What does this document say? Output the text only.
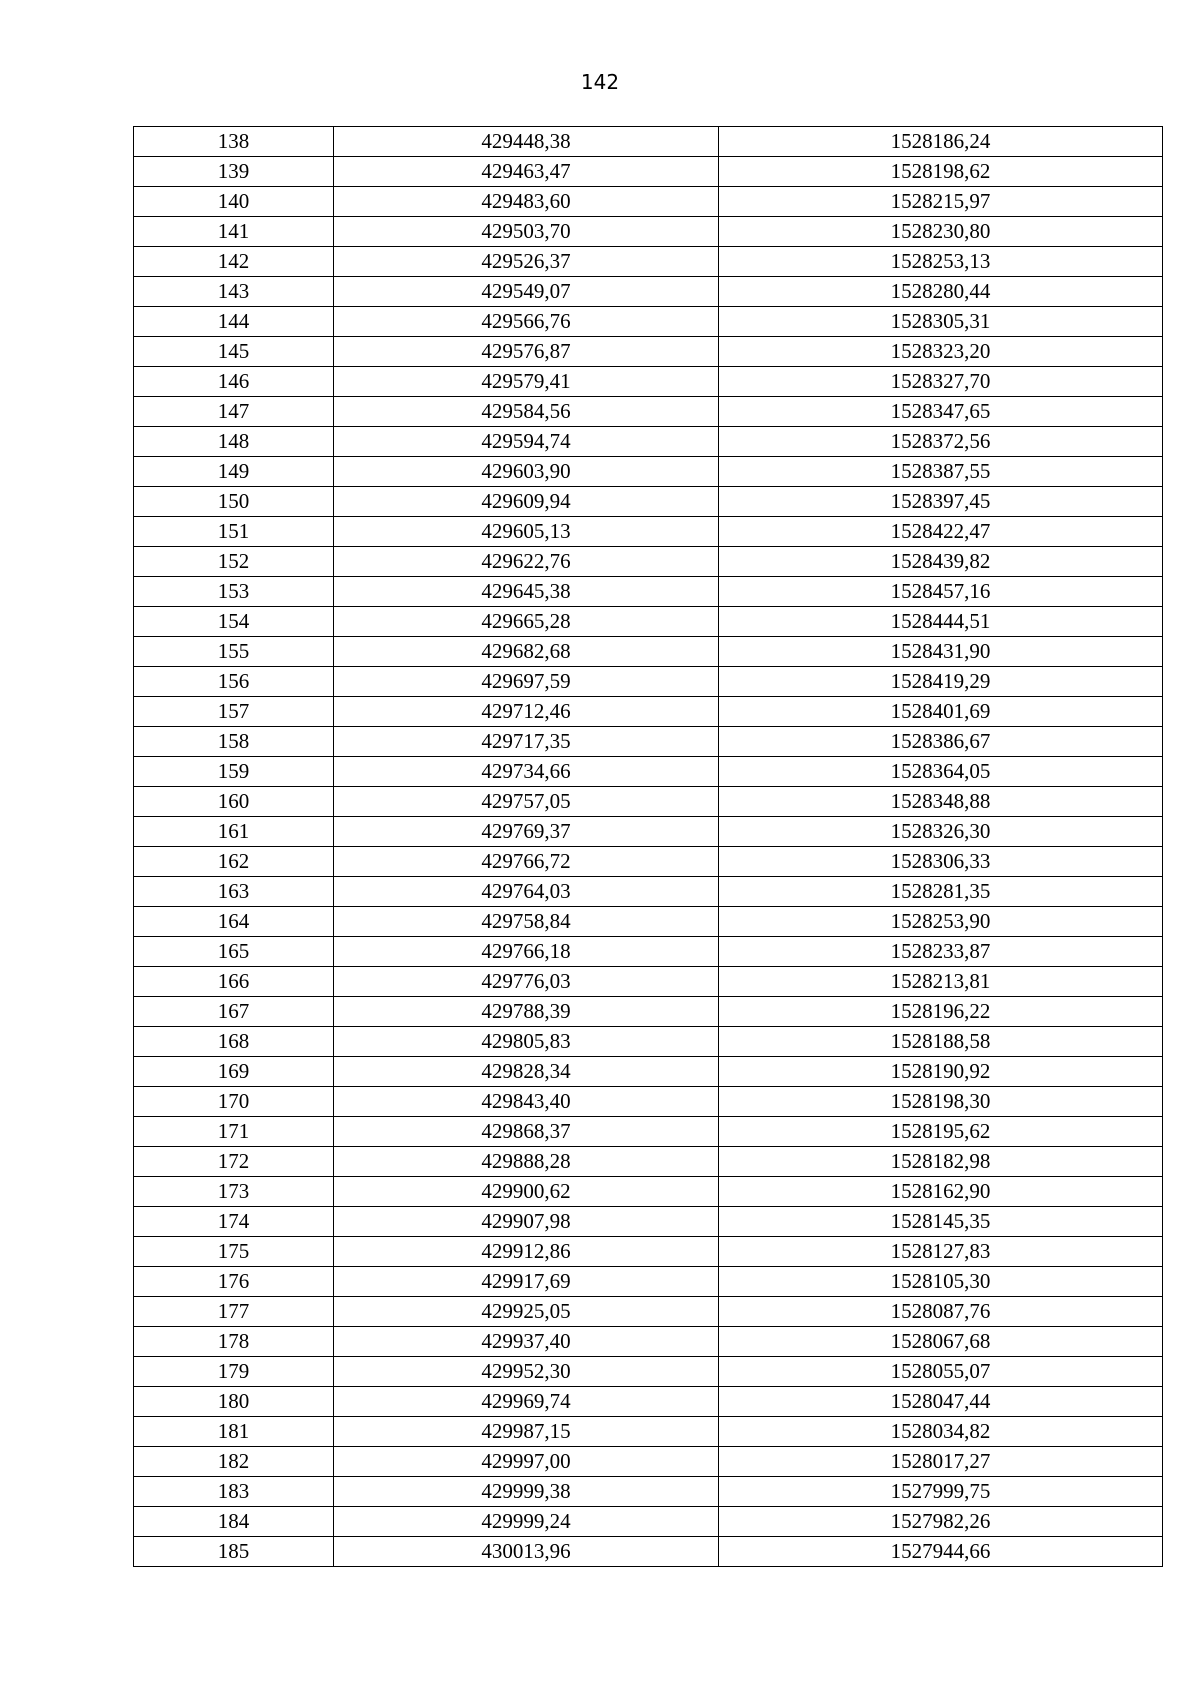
142
138	429448,38	1528186,24
139	429463,47	1528198,62
140	429483,60	1528215,97
141	429503,70	1528230,80
142	429526,37	1528253,13
143	429549,07	1528280,44
144	429566,76	1528305,31
145	429576,87	1528323,20
146	429579,41	1528327,70
147	429584,56	1528347,65
148	429594,74	1528372,56
149	429603,90	1528387,55
150	429609,94	1528397,45
151	429605,13	1528422,47
152	429622,76	1528439,82
153	429645,38	1528457,16
154	429665,28	1528444,51
155	429682,68	1528431,90
156	429697,59	1528419,29
157	429712,46	1528401,69
158	429717,35	1528386,67
159	429734,66	1528364,05
160	429757,05	1528348,88
161	429769,37	1528326,30
162	429766,72	1528306,33
163	429764,03	1528281,35
164	429758,84	1528253,90
165	429766,18	1528233,87
166	429776,03	1528213,81
167	429788,39	1528196,22
168	429805,83	1528188,58
169	429828,34	1528190,92
170	429843,40	1528198,30
171	429868,37	1528195,62
172	429888,28	1528182,98
173	429900,62	1528162,90
174	429907,98	1528145,35
175	429912,86	1528127,83
176	429917,69	1528105,30
177	429925,05	1528087,76
178	429937,40	1528067,68
179	429952,30	1528055,07
180	429969,74	1528047,44
181	429987,15	1528034,82
182	429997,00	1528017,27
183	429999,38	1527999,75
184	429999,24	1527982,26
185	430013,96	1527944,66
